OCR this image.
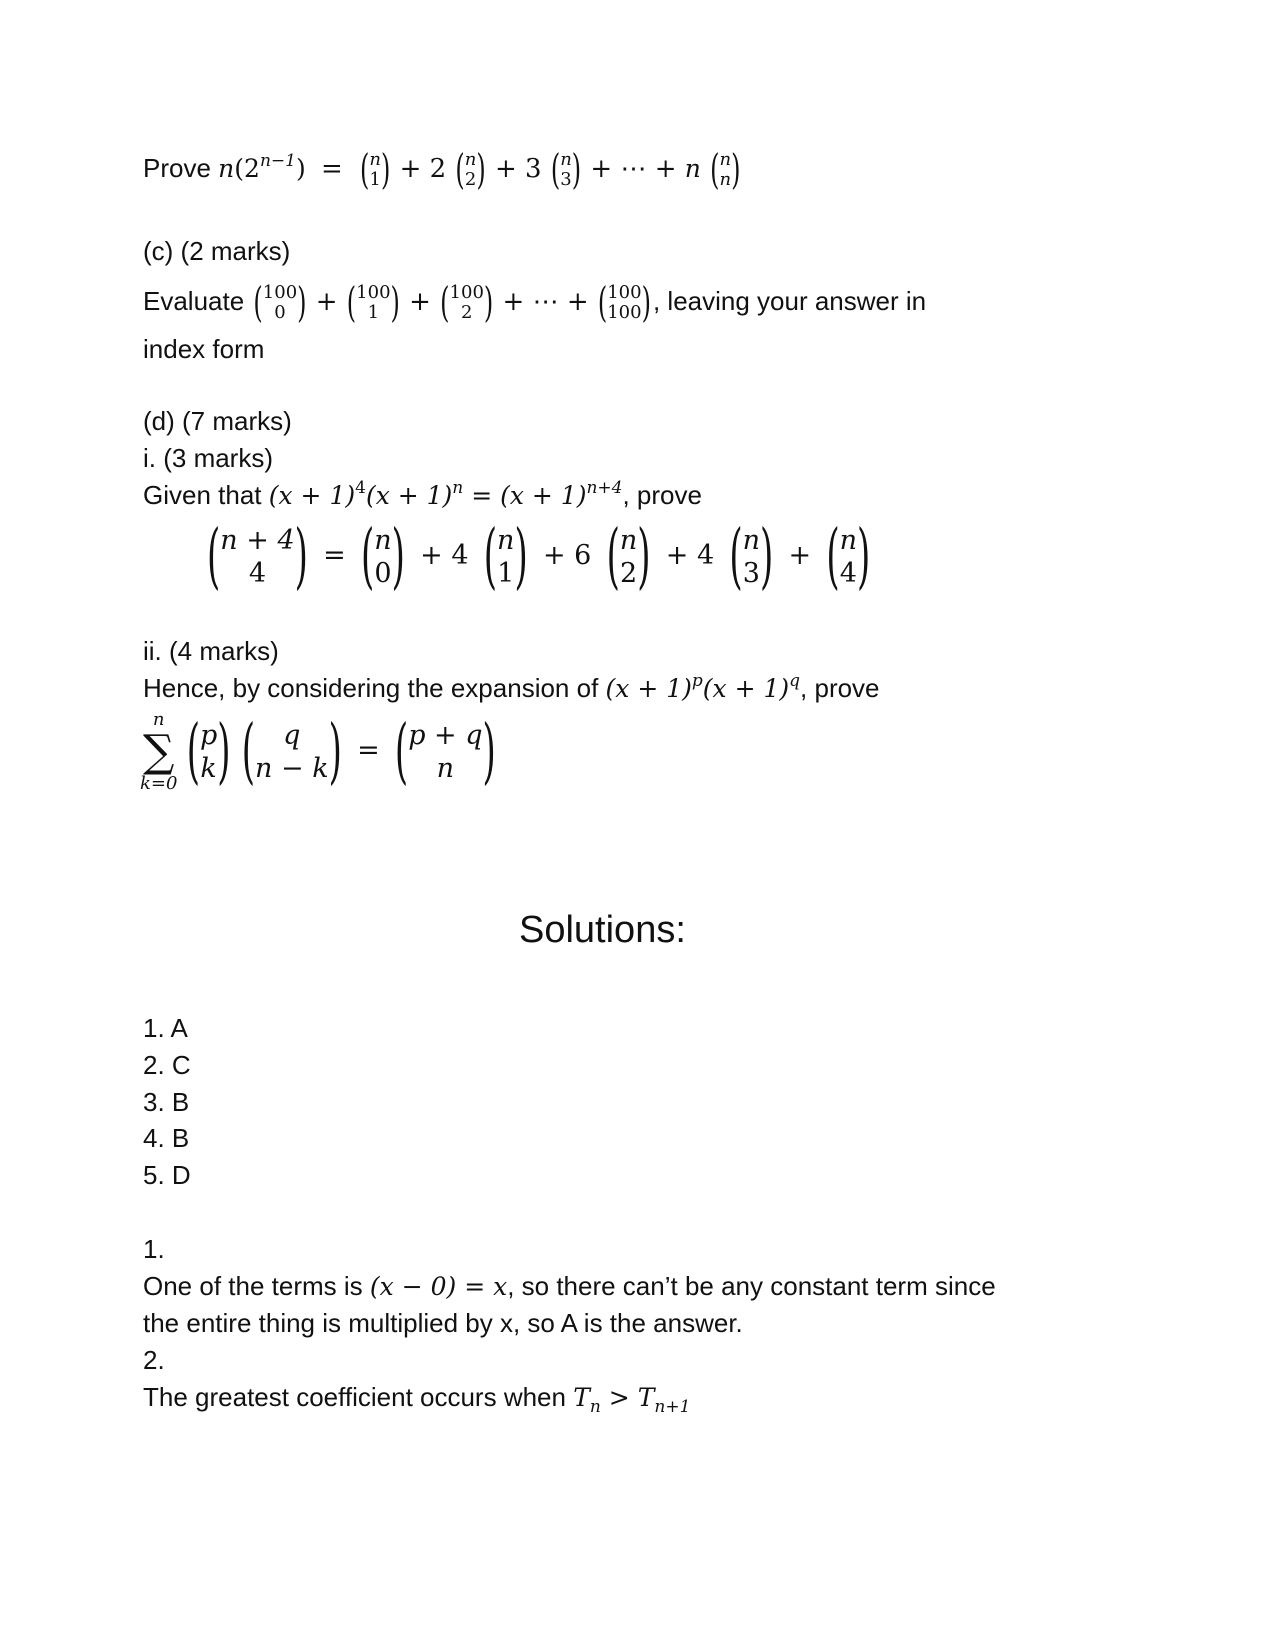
Prove $n(2^{n-1})$ = ( n
1 ) + 2 ( n
2 ) + 3 ( n
3 ) + ⋯ + n ( n
n )
(c) (2 marks)
Evaluate ( 100
0 ) + ( 100
1 ) + ( 100
2 ) + ⋯ + ( 100
100 ) , leaving your answer in
index form
(d) (7 marks)
i. (3 marks)
Given that $(x + 1)^4(x + 1)^n = (x + 1)^{n+4}$, prove
( n + 4
4 ) = ( n
0 ) + 4 ( n
1 ) + 6 ( n
2 ) + 4 ( n
3 ) + ( n
4 )
ii. (4 marks)
Hence, by considering the expansion of $(x + 1)^p(x + 1)^q$, prove
n
∑
k=0
( p
k )
( q
n − k ) = ( p + q
n )
Solutions:
1. A
2. C
3. B
4. B
5. D
1.
One of the terms is (x − 0) = x, so there can’t be any constant term since
the entire thing is multiplied by x, so A is the answer.
2.
The greatest coefficient occurs when $T_n > T_{n+1}$
